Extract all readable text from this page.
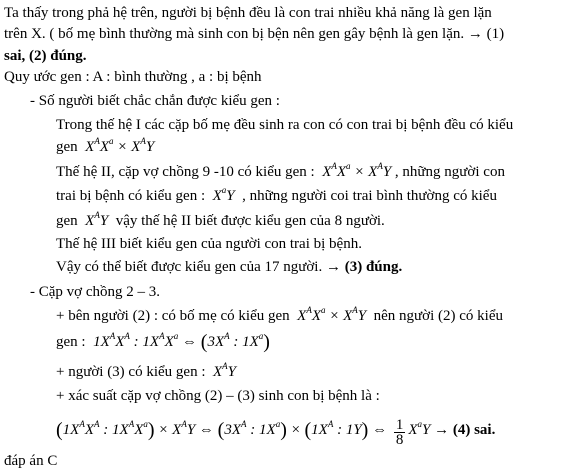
Ta thấy trong phả hệ trên, người bị bệnh đều là con trai nhiều khả năng là gen lặn
trên X. ( bố mẹ bình thường mà sinh con bị bện nên gen gây bệnh là gen lặn. → (1)
sai, (2) đúng.
Quy ước gen : A : bình thường , a : bị bệnh
- Số người biết chắc chắn được kiểu gen :
Trong thế hệ I các cặp bố mẹ đều sinh ra con có con trai bị bệnh đều có kiểu
gen $X^AX^a \times X^AY$
Thế hệ II, cặp vợ chồng 9 -10 có kiểu gen : $X^AX^a \times X^AY$ , những người con
trai bị bệnh có kiểu gen : $X^aY$ , những người coi trai bình thường có kiểu
gen $X^AY$ vậy thế hệ II biết được kiểu gen của 8 người.
Thế hệ III biết kiểu gen của người con trai bị bệnh.
Vậy có thể biết được kiểu gen của 17 người. → (3) đúng.
- Cặp vợ chồng 2 – 3.
+ bên người (2) : có bố mẹ có kiểu gen $X^AX^a \times X^AY$ nên người (2) có kiểu
gen : $1X^AX^A$ : $1X^AX^a$ ⇔ ($3X^A$ : $1X^a$)
+ người (3) có kiểu gen : $X^AY$
+ xác suất cặp vợ chồng (2) – (3) sinh con bị bệnh là :
($1X^AX^A$ : $1X^AX^a) \times X^AY$ ⇔ ($3X^A$ : $1X^a) \times (1X^A$ : 1Y) ⇔ $\frac{1}{8} X^aY \to (4)$ sai.
đáp án C
